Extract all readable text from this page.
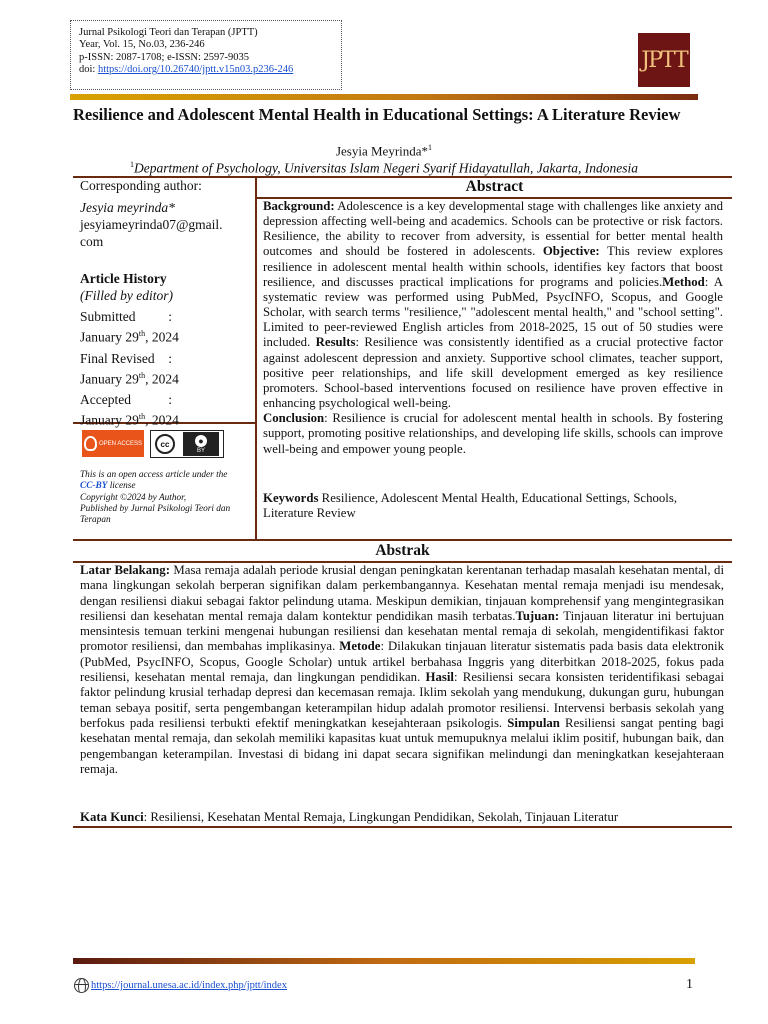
Jurnal Psikologi Teori dan Terapan (JPTT)
Year, Vol. 15, No.03, 236-246
p-ISSN: 2087-1708; e-ISSN: 2597-9035
doi: https://doi.org/10.26740/jptt.v15n03.p236-246	JPTT
Resilience and Adolescent Mental Health in Educational Settings: A Literature Review
Jesyia Meyrinda*$^1$
$^1$Department of Psychology, Universitas Islam Negeri Syarif Hidayatullah, Jakarta, Indonesia
Corresponding author:
Jesyia meyrinda*
jesyiameyrinda07@gmail.
com
Article History
(Filled by editor)
Submitted :
January 29th, 2024
Final Revised :
January 29th, 2024
Accepted	:
January 29th, 2024
OPEN ACCESS	cc	●
BY
This is an open access article under the
CC-BY license
Copyright ©2024 by Author,
Published by Jurnal Psikologi Teori dan Terapan
Abstract
Background: Adolescence is a key developmental stage with challenges like anxiety and depression affecting well-being and academics. Schools can be protective or risk factors. Resilience, the ability to recover from adversity, is essential for better mental health outcomes and should be fostered in adolescents. Objective: This review explores resilience in adolescent mental health within schools, identifies key factors that boost resilience, and discusses practical implications for programs and policies.Method: A systematic review was performed using PubMed, PsycINFO, Scopus, and Google Scholar, with search terms "resilience," "adolescent mental health," and "school setting". Limited to peer-reviewed English articles from 2018-2025, 15 out of 50 studies were included. Results: Resilience was consistently identified as a crucial protective factor against adolescent depression and anxiety. Supportive school climates, teacher support, positive peer relationships, and life skill development emerged as key resilience promoters. School-based interventions focused on resilience have proven effective in enhancing psychological well-being.
Conclusion: Resilience is crucial for adolescent mental health in schools. By fostering support, promoting positive relationships, and developing life skills, schools can improve well-being and empower young people.
Keywords Resilience, Adolescent Mental Health, Educational Settings, Schools, Literature Review
Abstrak
Latar Belakang: Masa remaja adalah periode krusial dengan peningkatan kerentanan terhadap masalah kesehatan mental, di mana lingkungan sekolah berperan signifikan dalam perkembangannya. Kesehatan mental remaja menjadi isu mendesak, dengan resiliensi diakui sebagai faktor pelindung utama. Meskipun demikian, tinjauan komprehensif yang mengintegrasikan resiliensi dan kesehatan mental remaja dalam kontektur pendidikan masih terbatas.Tujuan: Tinjauan literatur ini bertujuan mensintesis temuan terkini mengenai hubungan resiliensi dan kesehatan mental remaja di sekolah, mengidentifikasi faktor promotor resiliensi, dan membahas implikasinya. Metode: Dilakukan tinjauan literatur sistematis pada basis data elektronik (PubMed, PsycINFO, Scopus, Google Scholar) untuk artikel berbahasa Inggris yang diterbitkan 2018-2025, fokus pada resiliensi, kesehatan mental remaja, dan lingkungan pendidikan. Hasil: Resiliensi secara konsisten teridentifikasi sebagai faktor pelindung krusial terhadap depresi dan kecemasan remaja. Iklim sekolah yang mendukung, dukungan guru, hubungan teman sebaya positif, serta pengembangan keterampilan hidup adalah promotor resiliensi. Intervensi berbasis sekolah yang berfokus pada resiliensi terbukti efektif meningkatkan kesejahteraan psikologis. Simpulan Resiliensi sangat penting bagi kesehatan mental remaja, dan sekolah memiliki kapasitas kuat untuk memupuknya melalui iklim positif, hubungan baik, dan pengembangan keterampilan. Investasi di bidang ini dapat secara signifikan melindungi dan meningkatkan kesejahteraan remaja.
Kata Kunci: Resiliensi, Kesehatan Mental Remaja, Lingkungan Pendidikan, Sekolah, Tinjauan Literatur
https://journal.unesa.ac.id/index.php/jptt/index	1
